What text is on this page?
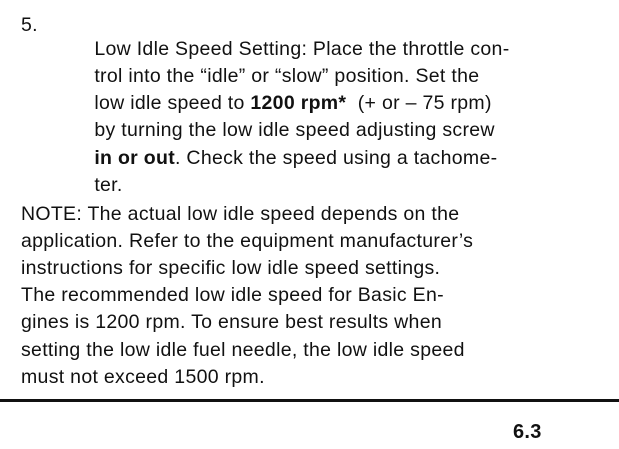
5.

Low Idle Speed Setting: Place the throttle con-

trol into the “idle” or “slow” position. Set the

low idle speed to 1200 rpm*  (+ or – 75 rpm)

by turning the low idle speed adjusting screw

in or out. Check the speed using a tachome-

ter.

NOTE: The actual low idle speed depends on the
application. Refer to the equipment manufacturer’s
instructions for specific low idle speed settings.
The recommended low idle speed for Basic En-
gines is 1200 rpm. To ensure best results when
setting the low idle fuel needle, the low idle speed
must not exceed 1500 rpm.
6.3
